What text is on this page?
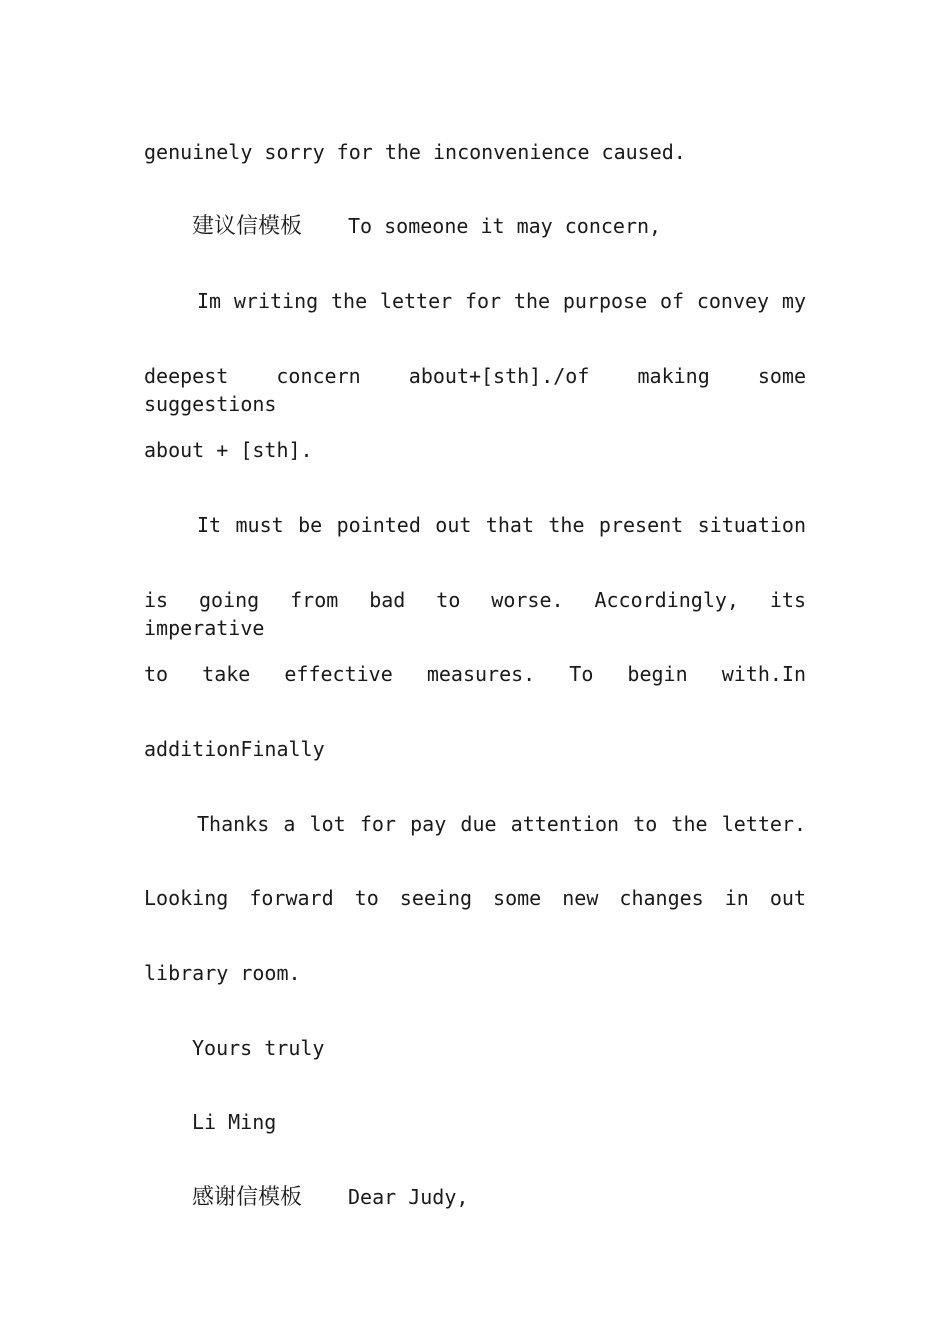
genuinely sorry for the inconvenience caused.
建议信模板 To someone it may concern,
Im writing the letter for the purpose of convey my
deepest concern about+[sth]./of making some suggestions
about + [sth].
It must be pointed out that the present situation
is going from bad to worse. Accordingly, its imperative
to take effective measures. To begin with.In
additionFinally
Thanks a lot for pay due attention to the letter.
Looking forward to seeing some new changes in out
library room.
Yours truly
Li Ming
感谢信模板 Dear Judy,
